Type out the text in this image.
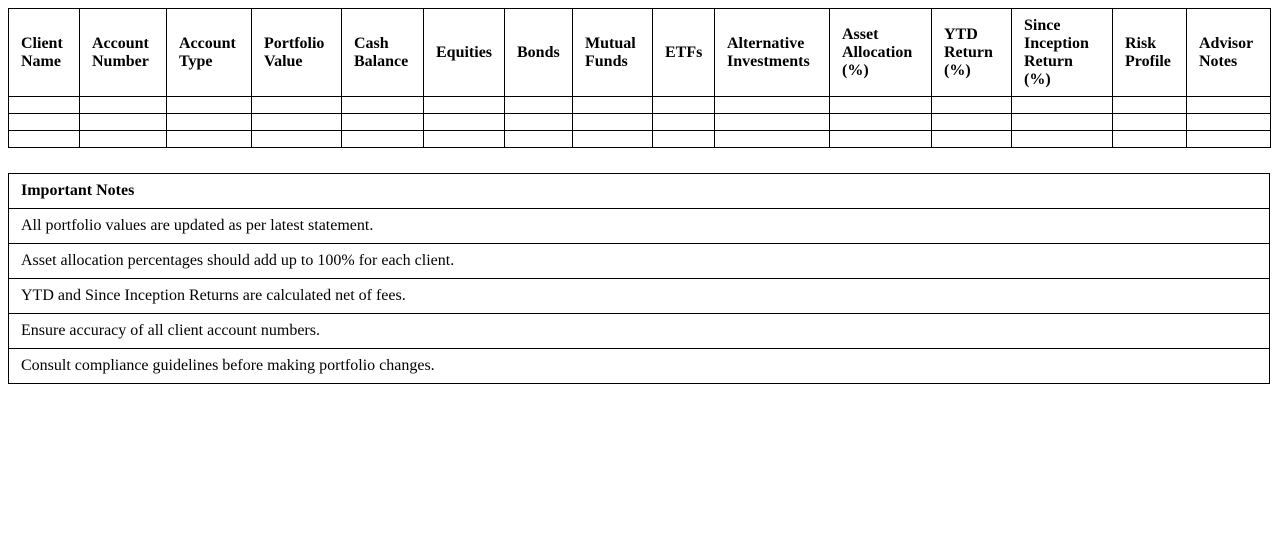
Client Name	Account Number	Account Type	Portfolio Value	Cash Balance	Equities	Bonds	Mutual Funds	ETFs	Alternative Investments	Asset Allocation (%)	YTD Return (%)	Since Inception Return (%)	Risk Profile	Advisor Notes

Important Notes
All portfolio values are updated as per latest statement.
Asset allocation percentages should add up to 100% for each client.
YTD and Since Inception Returns are calculated net of fees.
Ensure accuracy of all client account numbers.
Consult compliance guidelines before making portfolio changes.
